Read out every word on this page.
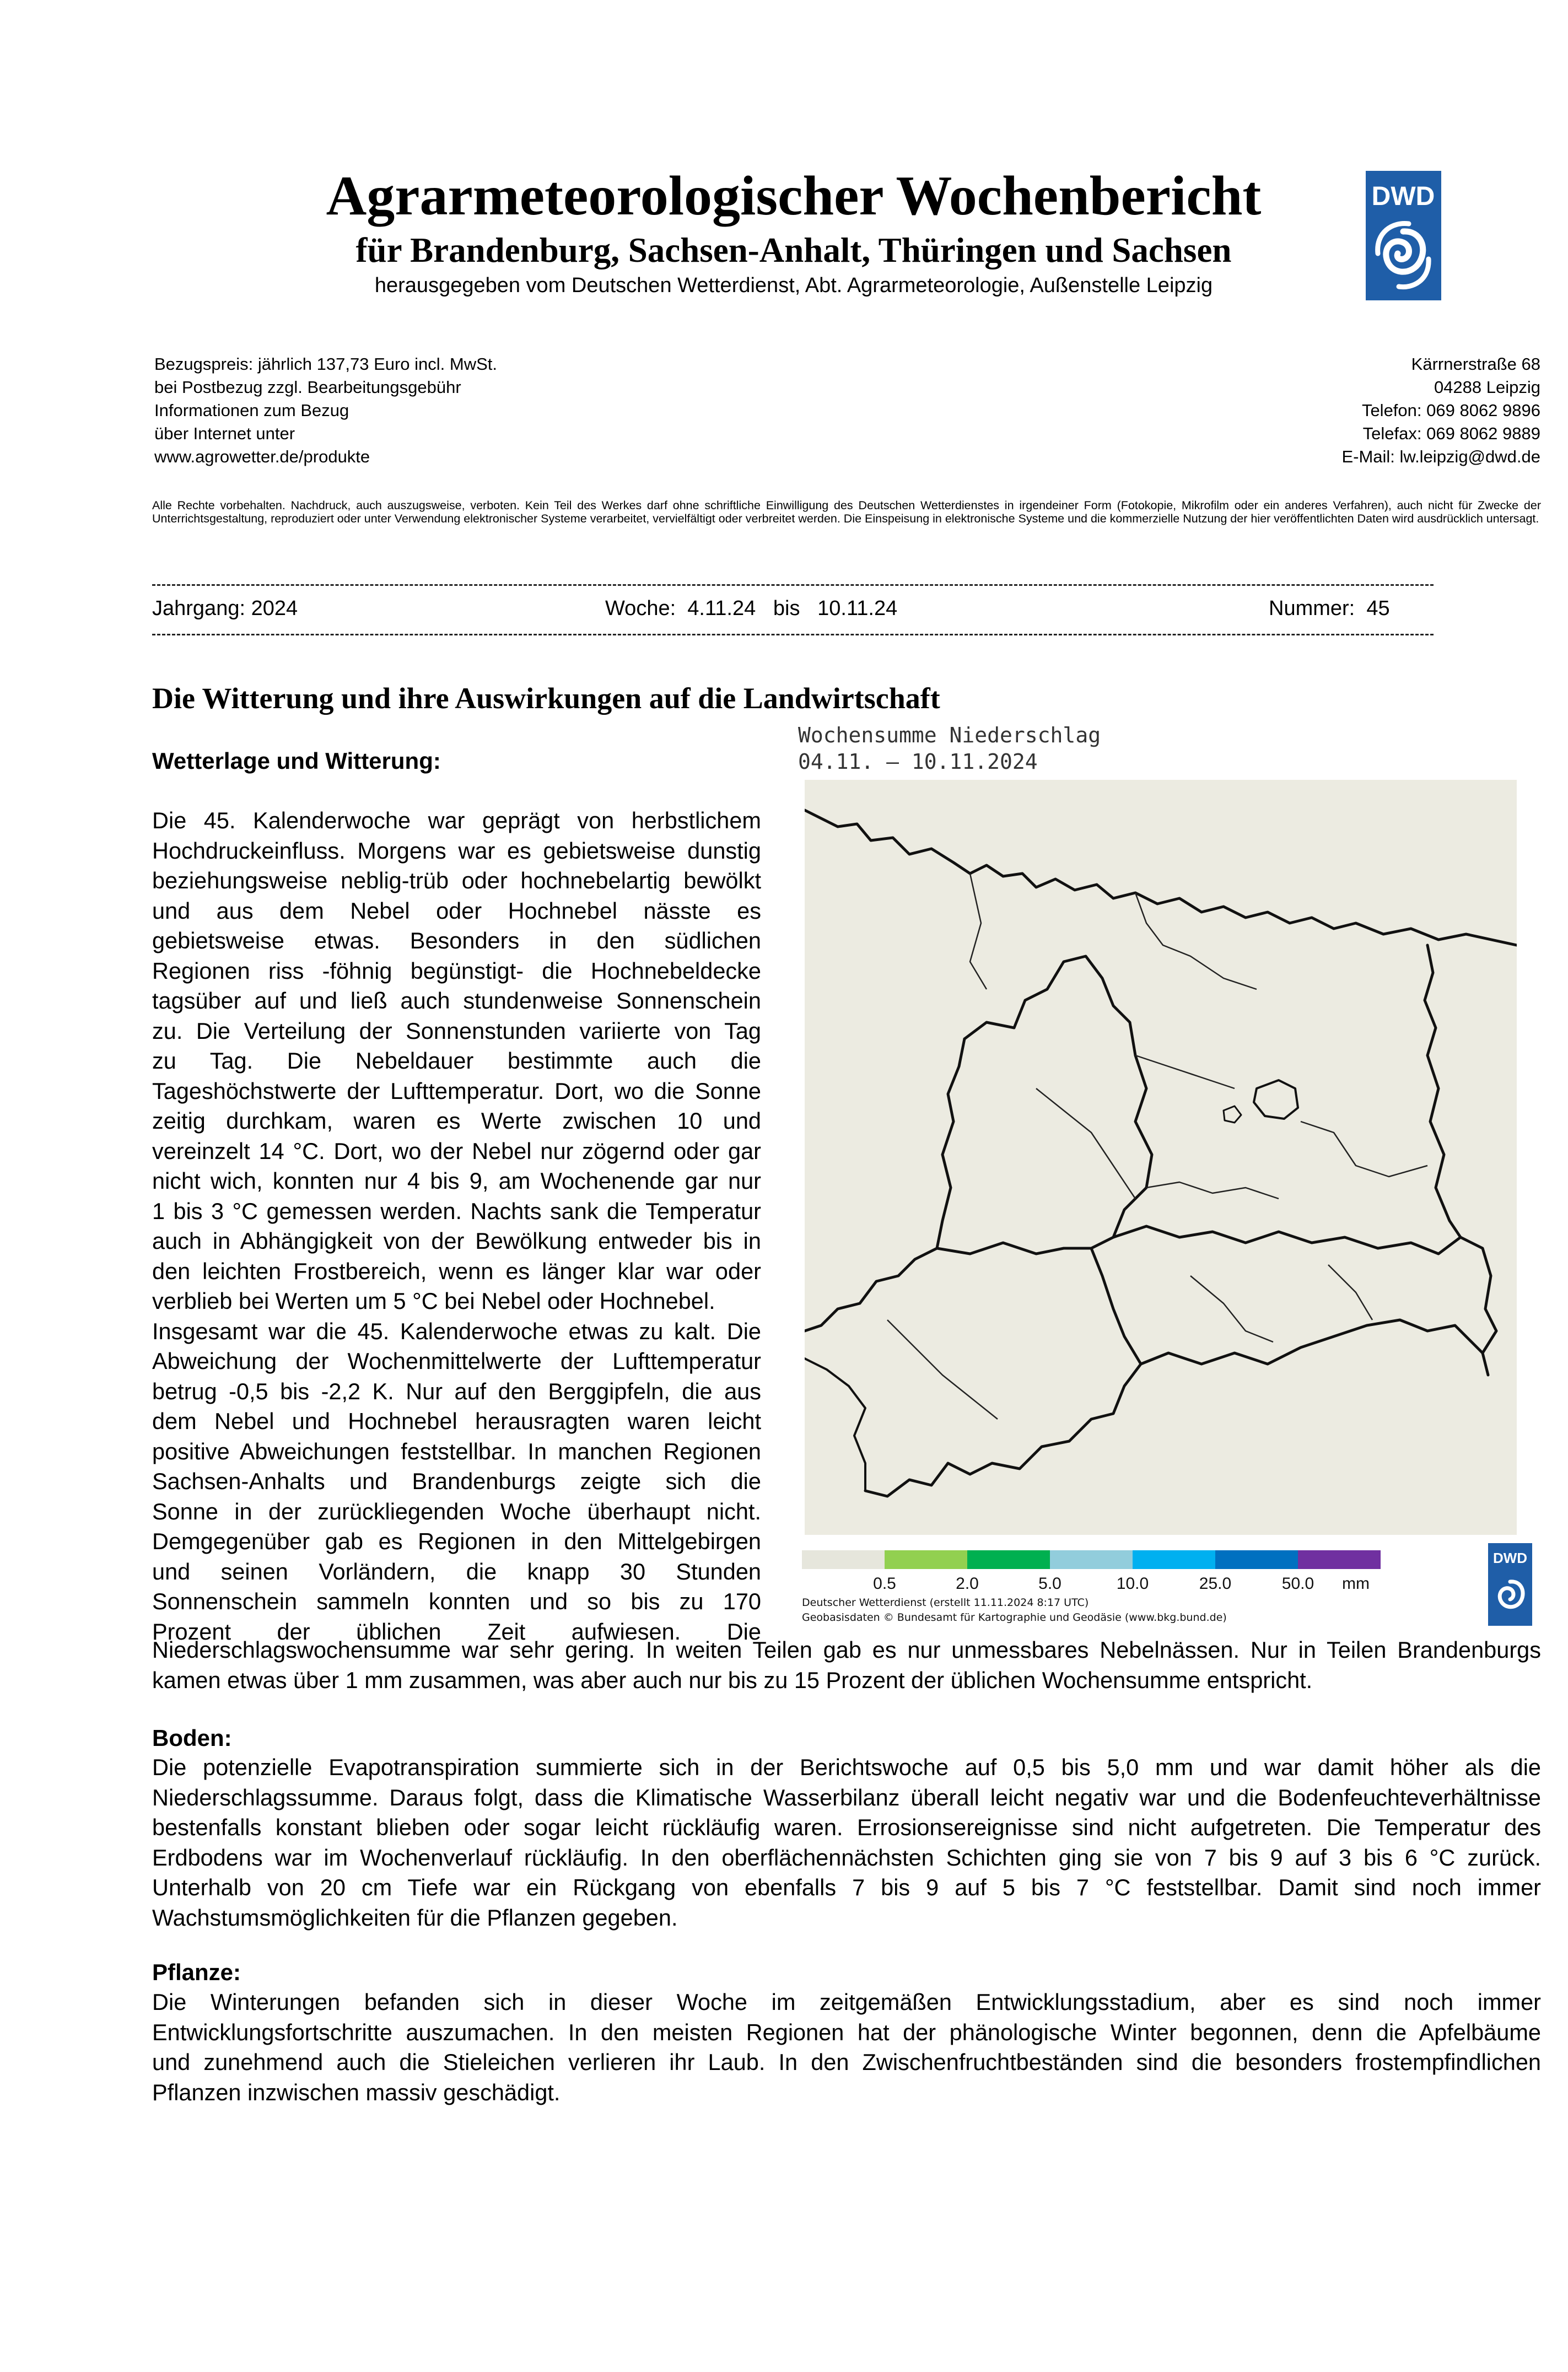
Agrarmeteorologischer Wochenbericht
für Brandenburg, Sachsen-Anhalt, Thüringen und Sachsen
herausgegeben vom Deutschen Wetterdienst, Abt. Agrarmeteorologie, Außenstelle Leipzig
DWD
Bezugspreis: jährlich 137,73 Euro incl. MwSt.
bei Postbezug zzgl. Bearbeitungsgebühr
Informationen zum Bezug
über Internet unter
www.agrowetter.de/produkte
Kärrnerstraße 68
04288 Leipzig
Telefon: 069 8062 9896
Telefax: 069 8062 9889
E-Mail: lw.leipzig@dwd.de
Alle Rechte vorbehalten. Nachdruck, auch auszugsweise, verboten. Kein Teil des Werkes darf ohne schriftliche Einwilligung des Deutschen Wetterdienstes in irgendeiner Form (Fotokopie, Mikrofilm oder ein anderes Verfahren), auch nicht für Zwecke der Unterrichtsgestaltung, reproduziert oder unter Verwendung elektronischer Systeme verarbeitet, vervielfältigt oder verbreitet werden. Die Einspeisung in elektronische Systeme und die kommerzielle Nutzung der hier veröffentlichten Daten wird ausdrücklich untersagt.
Jahrgang: 2024	Woche:  4.11.24   bis   10.11.24	Nummer:  45
Die Witterung und ihre Auswirkungen auf die Landwirtschaft
Wetterlage und Witterung:
Die 45. Kalenderwoche war geprägt von herbstlichem
Hochdruckeinfluss. Morgens war es gebietsweise dunstig
beziehungsweise neblig-trüb oder hochnebelartig bewölkt
und aus dem Nebel oder Hochnebel nässte es
gebietsweise etwas. Besonders in den südlichen
Regionen riss -föhnig begünstigt- die Hochnebeldecke
tagsüber auf und ließ auch stundenweise Sonnenschein
zu. Die Verteilung der Sonnenstunden variierte von Tag
zu Tag. Die Nebeldauer bestimmte auch die
Tageshöchstwerte der Lufttemperatur. Dort, wo die Sonne
zeitig durchkam, waren es Werte zwischen 10 und
vereinzelt 14 °C. Dort, wo der Nebel nur zögernd oder gar
nicht wich, konnten nur 4 bis 9, am Wochenende gar nur
1 bis 3 °C gemessen werden. Nachts sank die Temperatur
auch in Abhängigkeit von der Bewölkung entweder bis in
den leichten Frostbereich, wenn es länger klar war oder
verblieb bei Werten um 5 °C bei Nebel oder Hochnebel.
Insgesamt war die 45. Kalenderwoche etwas zu kalt. Die
Abweichung der Wochenmittelwerte der Lufttemperatur
betrug -0,5 bis -2,2 K. Nur auf den Berggipfeln, die aus
dem Nebel und Hochnebel herausragten waren leicht
positive Abweichungen feststellbar. In manchen Regionen
Sachsen-Anhalts und Brandenburgs zeigte sich die
Sonne in der zurückliegenden Woche überhaupt nicht.
Demgegenüber gab es Regionen in den Mittelgebirgen
und seinen Vorländern, die knapp 30 Stunden
Sonnenschein sammeln konnten und so bis zu 170
Prozent der üblichen Zeit aufwiesen. Die
Niederschlagswochensumme war sehr gering. In weiten Teilen gab es nur unmessbares Nebelnässen. Nur in Teilen Brandenburgs
kamen etwas über 1 mm zusammen, was aber auch nur bis zu 15 Prozent der üblichen Wochensumme entspricht.
Wochensumme Niederschlag
04.11. – 10.11.2024
0.5	2.0	5.0	10.0	25.0	50.0 mm
Deutscher Wetterdienst (erstellt 11.11.2024 8:17 UTC)
Geobasisdaten © Bundesamt für Kartographie und Geodäsie (www.bkg.bund.de)
DWD
Boden:
Die potenzielle Evapotranspiration summierte sich in der Berichtswoche auf 0,5 bis 5,0 mm und war damit höher als die
Niederschlagssumme. Daraus folgt, dass die Klimatische Wasserbilanz überall leicht negativ war und die Bodenfeuchteverhältnisse
bestenfalls konstant blieben oder sogar leicht rückläufig waren. Errosionsereignisse sind nicht aufgetreten. Die Temperatur des
Erdbodens war im Wochenverlauf rückläufig. In den oberflächennächsten Schichten ging sie von 7 bis 9 auf 3 bis 6 °C zurück.
Unterhalb von 20 cm Tiefe war ein Rückgang von ebenfalls 7 bis 9 auf 5 bis 7 °C feststellbar. Damit sind noch immer
Wachstumsmöglichkeiten für die Pflanzen gegeben.
Pflanze:
Die Winterungen befanden sich in dieser Woche im zeitgemäßen Entwicklungsstadium, aber es sind noch immer
Entwicklungsfortschritte auszumachen. In den meisten Regionen hat der phänologische Winter begonnen, denn die Apfelbäume
und zunehmend auch die Stieleichen verlieren ihr Laub. In den Zwischenfruchtbeständen sind die besonders frostempfindlichen
Pflanzen inzwischen massiv geschädigt.
